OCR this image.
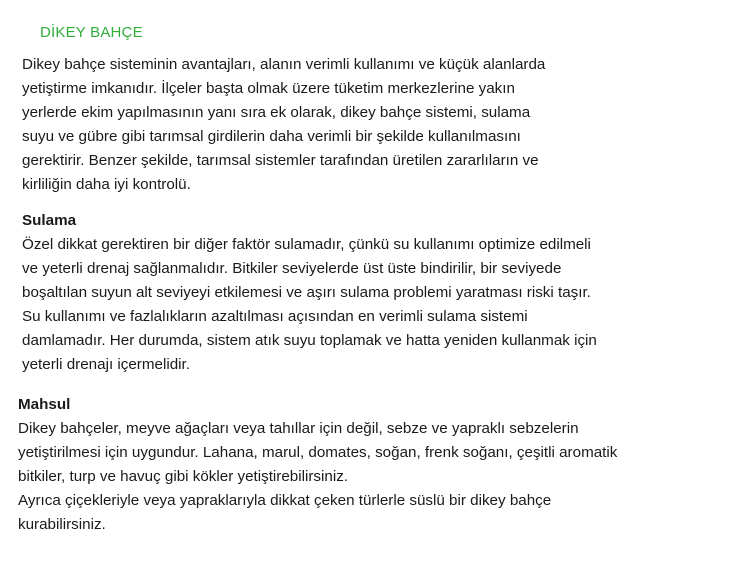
DİKEY BAHÇE
Dikey bahçe sisteminin avantajları, alanın verimli kullanımı ve küçük alanlarda
yetiştirme imkanıdır. İlçeler başta olmak üzere tüketim merkezlerine yakın
yerlerde ekim yapılmasının yanı sıra ek olarak, dikey bahçe sistemi, sulama
suyu ve gübre gibi tarımsal girdilerin daha verimli bir şekilde kullanılmasını
gerektirir. Benzer şekilde, tarımsal sistemler tarafından üretilen zararlıların ve
kirliliğin daha iyi kontrolü.
Sulama
Özel dikkat gerektiren bir diğer faktör sulamadır, çünkü su kullanımı optimize edilmeli
ve yeterli drenaj sağlanmalıdır. Bitkiler seviyelerde üst üste bindirilir, bir seviyede
boşaltılan suyun alt seviyeyi etkilemesi ve aşırı sulama problemi yaratması riski taşır.
Su kullanımı ve fazlalıkların azaltılması açısından en verimli sulama sistemi
damlamadır. Her durumda, sistem atık suyu toplamak ve hatta yeniden kullanmak için
yeterli drenajı içermelidir.
Mahsul
Dikey bahçeler, meyve ağaçları veya tahıllar için değil, sebze ve yapraklı sebzelerin
yetiştirilmesi için uygundur. Lahana, marul, domates, soğan, frenk soğanı, çeşitli aromatik
bitkiler, turp ve havuç gibi kökler yetiştirebilirsiniz.
Ayrıca çiçekleriyle veya yapraklarıyla dikkat çeken türlerle süslü bir dikey bahçe
kurabilirsiniz.
